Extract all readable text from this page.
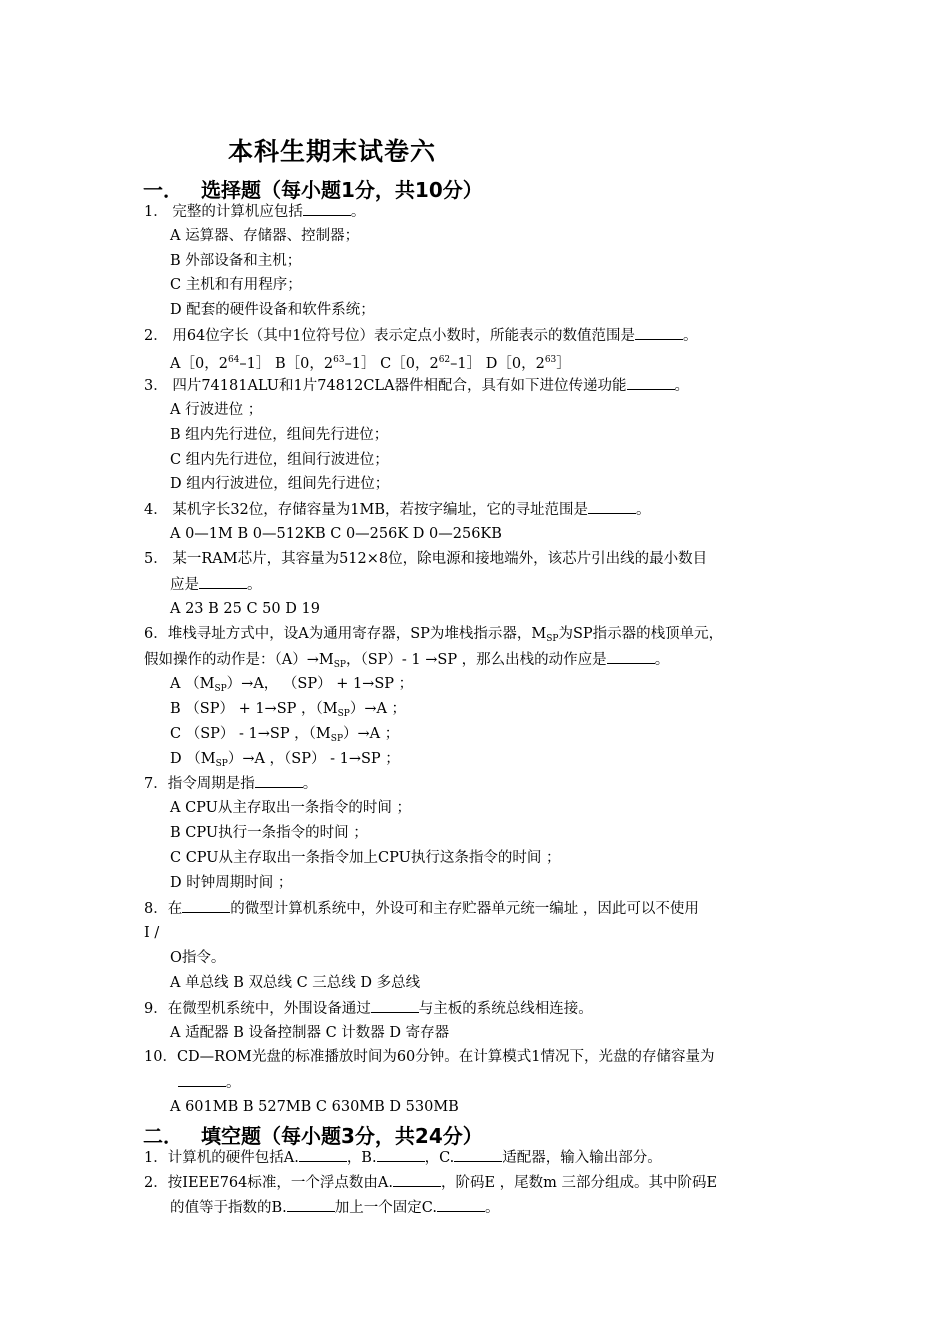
本科生期末试卷六
一． 选择题（每小题1分，共10分）
1． 完整的计算机应包括	。
A 运算器、存储器、控制器；
B 外部设备和主机；
C 主机和有用程序；
D 配套的硬件设备和软件系统；
2． 用64位字长（其中1位符号位）表示定点小数时，所能表示的数值范围是	。
A［0，$2^{64}-1]$ B［0，$2^{63}-1]$ C［0，$2^{62}-1]$ D［0，$2^{63}]$
3． 四片74181ALU和1片74812CLA器件相配合，具有如下进位传递功能	。
A 行波进位 ；
B 组内先行进位，组间先行进位；
C 组内先行进位，组间行波进位；
D 组内行波进位，组间先行进位；
4． 某机字长32位，存储容量为1MB，若按字编址，它的寻址范围是	。
A 0—1M B 0—512KB C 0—256K D 0—256KB
5． 某一RAM芯片，其容量为512×8位，除电源和接地端外，该芯片引出线的最小数目
应是	。
A 23 B 25 C 50 D 19
6．堆栈寻址方式中，设A为通用寄存器，SP为堆栈指示器，$M_{SP}$为SP指示器的栈顶单元，
假如操作的动作是：$(A)\to M_{SP}$，（SP）- 1 →SP ，那么出栈的动作应是	。
A $(M_{SP})\to A$， （SP） + 1→SP ；
B （SP） + 1→SP ，$(M_{SP})\to A$ ；
C （SP） - 1→SP ，$(M_{SP})\to A$ ；
D $(M_{SP})\to A$ ，（SP） - 1→SP ；
7．指令周期是指	。
A CPU从主存取出一条指令的时间 ；
B CPU执行一条指令的时间 ；
C CPU从主存取出一条指令加上CPU执行这条指令的时间 ；
D 时钟周期时间 ；
8．在	的微型计算机系统中，外设可和主存贮器单元统一编址 ，因此可以不使用
I /
O指令。
A 单总线 B 双总线 C 三总线 D 多总线
9．在微型机系统中，外围设备通过	与主板的系统总线相连接。
A 适配器 B 设备控制器 C 计数器 D 寄存器
10．CD—ROM光盘的标准播放时间为60分钟。在计算模式1情况下，光盘的存储容量为
。
A 601MB B 527MB C 630MB D 530MB
二． 填空题（每小题3分，共24分）
1．计算机的硬件包括A.	，B.	，C.	适配器，输入输出部分。
2．按IEEE764标准，一个浮点数由A.	，阶码E ，尾数m 三部分组成。其中阶码E
的值等于指数的B.	加上一个固定C.	。
